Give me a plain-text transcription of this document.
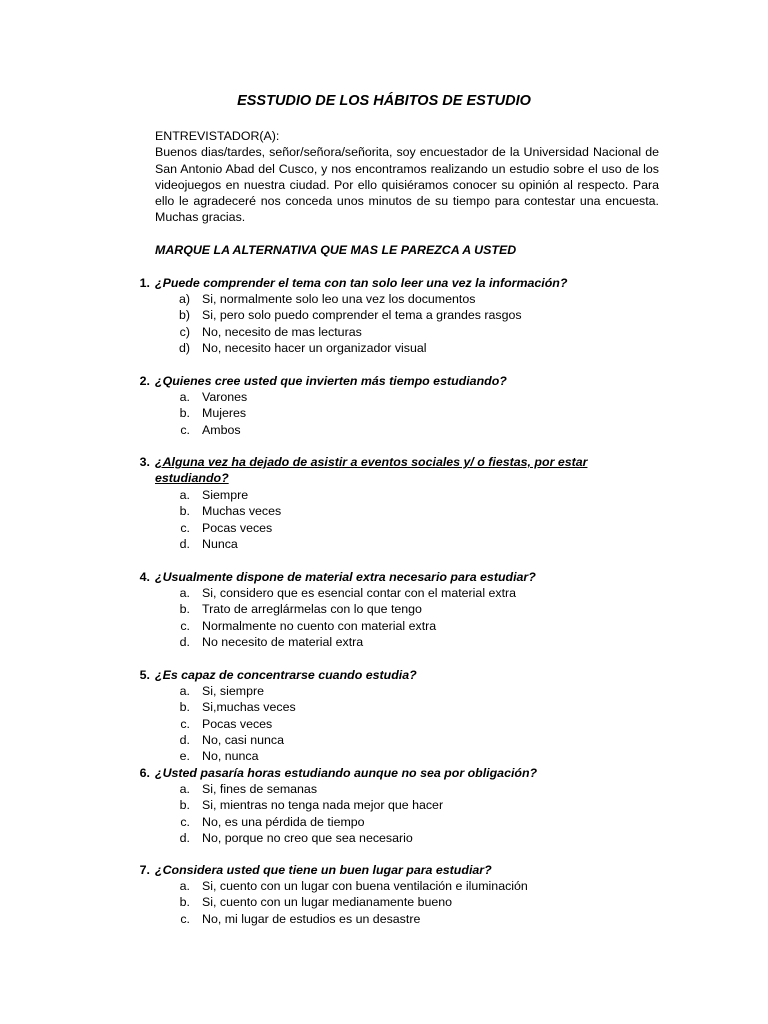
ESSTUDIO DE LOS HÁBITOS DE ESTUDIO

ENTREVISTADOR(A):

Buenos dias/tardes, señor/señora/señorita, soy encuestador de la Universidad Nacional de San Antonio Abad del Cusco, y nos encontramos realizando un estudio sobre el uso de los videojuegos en nuestra ciudad. Por ello quisiéramos conocer su opinión al respecto. Para ello le agradeceré nos conceda unos minutos de su tiempo para contestar una encuesta. Muchas gracias.

MARQUE LA ALTERNATIVA QUE MAS LE PAREZCA A USTED
1. ¿Puede comprender el tema con tan solo leer una vez la información?
a) Si, normalmente solo leo una vez los documentos
b) Si, pero solo puedo comprender el tema a grandes rasgos
c) No, necesito de mas lecturas
d) No, necesito hacer un organizador visual
2. ¿Quienes cree usted que invierten más tiempo estudiando?
a. Varones
b. Mujeres
c. Ambos
3. ¿Alguna vez ha dejado de asistir a eventos sociales y/ o fiestas, por estar estudiando?
a. Siempre
b. Muchas veces
c. Pocas veces
d. Nunca
4. ¿Usualmente dispone de material extra necesario para estudiar?
a. Si, considero que es esencial contar con el material extra
b. Trato de arreglármelas con lo que tengo
c. Normalmente no cuento con material extra
d. No necesito de material extra
5. ¿Es capaz de concentrarse cuando estudia?
a. Si, siempre
b. Si,muchas veces
c. Pocas veces
d. No, casi nunca
e. No, nunca
6. ¿Usted pasaría horas estudiando aunque no sea por obligación?
a. Si, fines de semanas
b. Si, mientras no tenga nada mejor que hacer
c. No, es una pérdida de tiempo
d. No, porque no creo que sea necesario
7. ¿Considera usted que tiene un buen lugar para estudiar?
a. Si, cuento con un lugar con buena ventilación e iluminación
b. Si, cuento con un lugar medianamente bueno
c. No, mi lugar de estudios es un desastre
